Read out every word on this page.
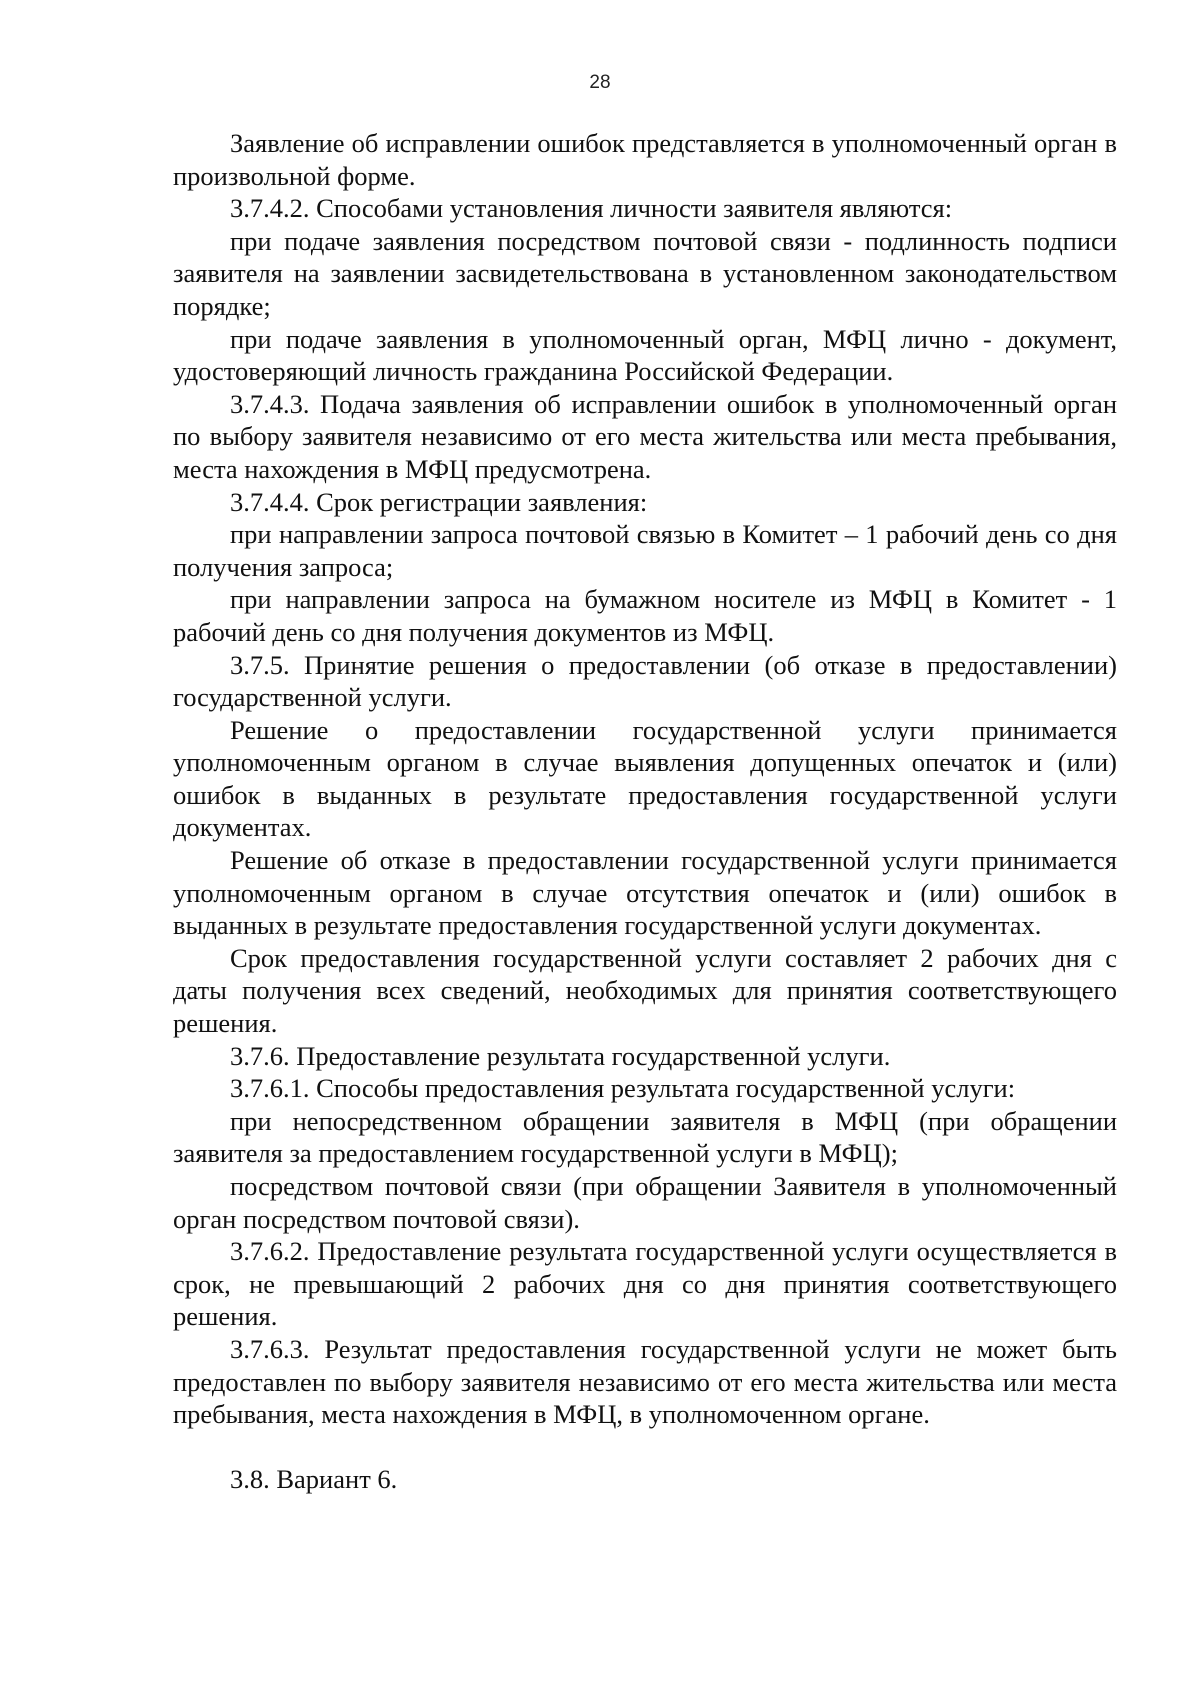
28

Заявление об исправлении ошибок представляется в уполномоченный орган в произвольной форме.

3.7.4.2. Способами установления личности заявителя являются:

при подаче заявления посредством почтовой связи - подлинность подписи заявителя на заявлении засвидетельствована в установленном законодательством порядке;

при подаче заявления в уполномоченный орган, МФЦ лично - документ, удостоверяющий личность гражданина Российской Федерации.

3.7.4.3. Подача заявления об исправлении ошибок в уполномоченный орган по выбору заявителя независимо от его места жительства или места пребывания, места нахождения в МФЦ предусмотрена.

3.7.4.4. Срок регистрации заявления:

при направлении запроса почтовой связью в Комитет – 1 рабочий день со дня получения запроса;

при направлении запроса на бумажном носителе из МФЦ в Комитет - 1 рабочий день со дня получения документов из МФЦ.

3.7.5. Принятие решения о предоставлении (об отказе в предоставлении) государственной услуги.

Решение о предоставлении государственной услуги принимается уполномоченным органом в случае выявления допущенных опечаток и (или) ошибок в выданных в результате предоставления государственной услуги документах.

Решение об отказе в предоставлении государственной услуги принимается уполномоченным органом в случае отсутствия опечаток и (или) ошибок в выданных в результате предоставления государственной услуги документах.

Срок предоставления государственной услуги составляет 2 рабочих дня с даты получения всех сведений, необходимых для принятия соответствующего решения.

3.7.6. Предоставление результата государственной услуги.

3.7.6.1. Способы предоставления результата государственной услуги:

при непосредственном обращении заявителя в МФЦ (при обращении заявителя за предоставлением государственной услуги в МФЦ);

посредством почтовой связи (при обращении Заявителя в уполномоченный орган посредством почтовой связи).

3.7.6.2. Предоставление результата государственной услуги осуществляется в срок, не превышающий 2 рабочих дня со дня принятия соответствующего решения.

3.7.6.3. Результат предоставления государственной услуги не может быть предоставлен по выбору заявителя независимо от его места жительства или места пребывания, места нахождения в МФЦ, в уполномоченном органе.

3.8. Вариант 6.
